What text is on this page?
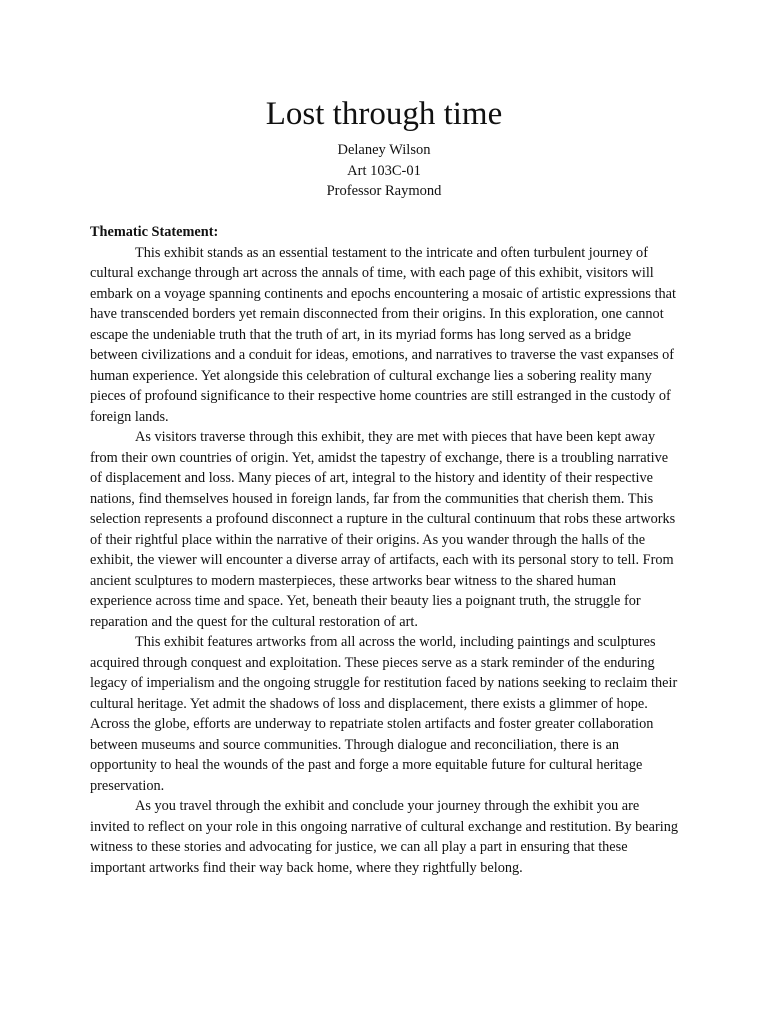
Lost through time
Delaney Wilson
Art 103C-01
Professor Raymond

Thematic Statement:

This exhibit stands as an essential testament to the intricate and often turbulent journey of cultural exchange through art across the annals of time, with each page of this exhibit, visitors will embark on a voyage spanning continents and epochs encountering a mosaic of artistic expressions that have transcended borders yet remain disconnected from their origins. In this exploration, one cannot escape the undeniable truth that the truth of art, in its myriad forms has long served as a bridge between civilizations and a conduit for ideas, emotions, and narratives to traverse the vast expanses of human experience. Yet alongside this celebration of cultural exchange lies a sobering reality many pieces of profound significance to their respective home countries are still estranged in the custody of foreign lands.

As visitors traverse through this exhibit, they are met with pieces that have been kept away from their own countries of origin. Yet, amidst the tapestry of exchange, there is a troubling narrative of displacement and loss. Many pieces of art, integral to the history and identity of their respective nations, find themselves housed in foreign lands, far from the communities that cherish them. This selection represents a profound disconnect a rupture in the cultural continuum that robs these artworks of their rightful place within the narrative of their origins. As you wander through the halls of the exhibit, the viewer will encounter a diverse array of artifacts, each with its personal story to tell. From ancient sculptures to modern masterpieces, these artworks bear witness to the shared human experience across time and space. Yet, beneath their beauty lies a poignant truth, the struggle for reparation and the quest for the cultural restoration of art.

This exhibit features artworks from all across the world, including paintings and sculptures acquired through conquest and exploitation. These pieces serve as a stark reminder of the enduring legacy of imperialism and the ongoing struggle for restitution faced by nations seeking to reclaim their cultural heritage. Yet admit the shadows of loss and displacement, there exists a glimmer of hope. Across the globe, efforts are underway to repatriate stolen artifacts and foster greater collaboration between museums and source communities. Through dialogue and reconciliation, there is an opportunity to heal the wounds of the past and forge a more equitable future for cultural heritage preservation.

As you travel through the exhibit and conclude your journey through the exhibit you are invited to reflect on your role in this ongoing narrative of cultural exchange and restitution. By bearing witness to these stories and advocating for justice, we can all play a part in ensuring that these important artworks find their way back home, where they rightfully belong.
